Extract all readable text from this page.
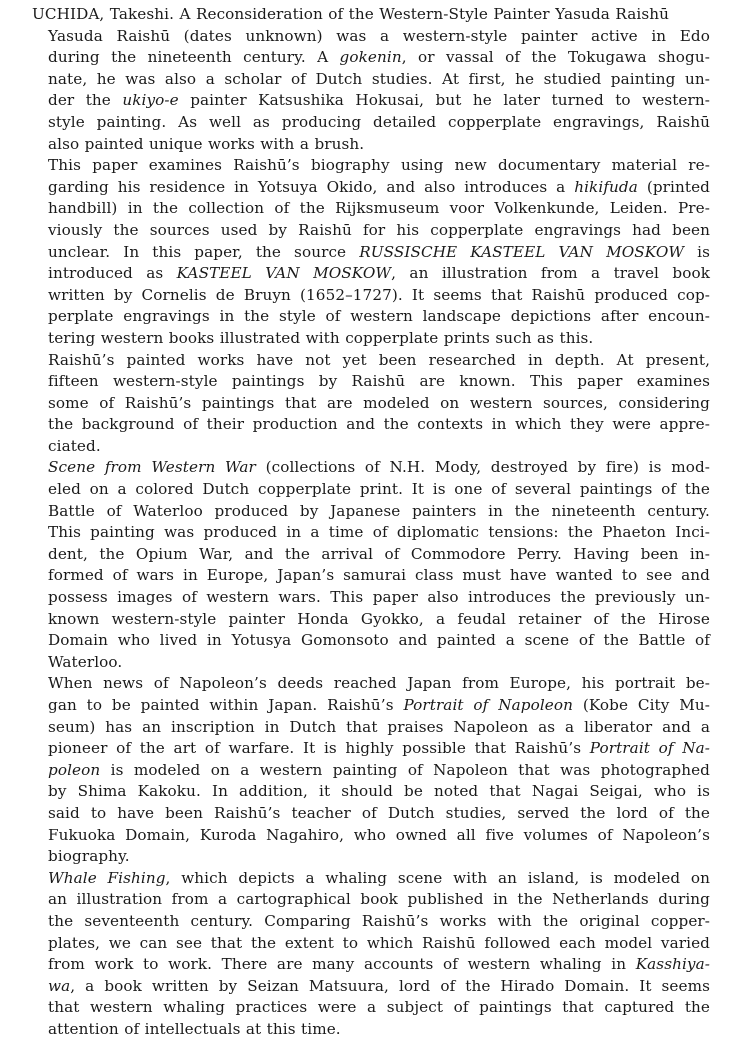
UCHIDA, Takeshi. A Reconsideration of the Western-Style Painter Yasuda Raishū
Yasuda Raishū (dates unknown) was a western-style painter active in Edo
during the nineteenth century. A gokenin, or vassal of the Tokugawa shogu-
nate, he was also a scholar of Dutch studies. At first, he studied painting un-
der the ukiyo-e painter Katsushika Hokusai, but he later turned to western-
style painting. As well as producing detailed copperplate engravings, Raishū
also painted unique works with a brush.
This paper examines Raishū’s biography using new documentary material re-
garding his residence in Yotsuya Okido, and also introduces a hikifuda (printed
handbill) in the collection of the Rijksmuseum voor Volkenkunde, Leiden. Pre-
viously the sources used by Raishū for his copperplate engravings had been
unclear. In this paper, the source RUSSISCHE KASTEEL VAN MOSKOW is
introduced as KASTEEL VAN MOSKOW, an illustration from a travel book
written by Cornelis de Bruyn (1652–1727). It seems that Raishū produced cop-
perplate engravings in the style of western landscape depictions after encoun-
tering western books illustrated with copperplate prints such as this.
Raishū’s painted works have not yet been researched in depth. At present,
fifteen western-style paintings by Raishū are known. This paper examines
some of Raishū’s paintings that are modeled on western sources, considering
the background of their production and the contexts in which they were appre-
ciated.
Scene from Western War (collections of N.H. Mody, destroyed by fire) is mod-
eled on a colored Dutch copperplate print. It is one of several paintings of the
Battle of Waterloo produced by Japanese painters in the nineteenth century.
This painting was produced in a time of diplomatic tensions: the Phaeton Inci-
dent, the Opium War, and the arrival of Commodore Perry. Having been in-
formed of wars in Europe, Japan’s samurai class must have wanted to see and
possess images of western wars. This paper also introduces the previously un-
known western-style painter Honda Gyokko, a feudal retainer of the Hirose
Domain who lived in Yotusya Gomonsoto and painted a scene of the Battle of
Waterloo.
When news of Napoleon’s deeds reached Japan from Europe, his portrait be-
gan to be painted within Japan. Raishū’s Portrait of Napoleon (Kobe City Mu-
seum) has an inscription in Dutch that praises Napoleon as a liberator and a
pioneer of the art of warfare. It is highly possible that Raishū’s Portrait of Na-
poleon is modeled on a western painting of Napoleon that was photographed
by Shima Kakoku. In addition, it should be noted that Nagai Seigai, who is
said to have been Raishū’s teacher of Dutch studies, served the lord of the
Fukuoka Domain, Kuroda Nagahiro, who owned all five volumes of Napoleon’s
biography.
Whale Fishing, which depicts a whaling scene with an island, is modeled on
an illustration from a cartographical book published in the Netherlands during
the seventeenth century. Comparing Raishū’s works with the original copper-
plates, we can see that the extent to which Raishū followed each model varied
from work to work. There are many accounts of western whaling in Kasshiya-
wa, a book written by Seizan Matsuura, lord of the Hirado Domain. It seems
that western whaling practices were a subject of paintings that captured the
attention of intellectuals at this time.
